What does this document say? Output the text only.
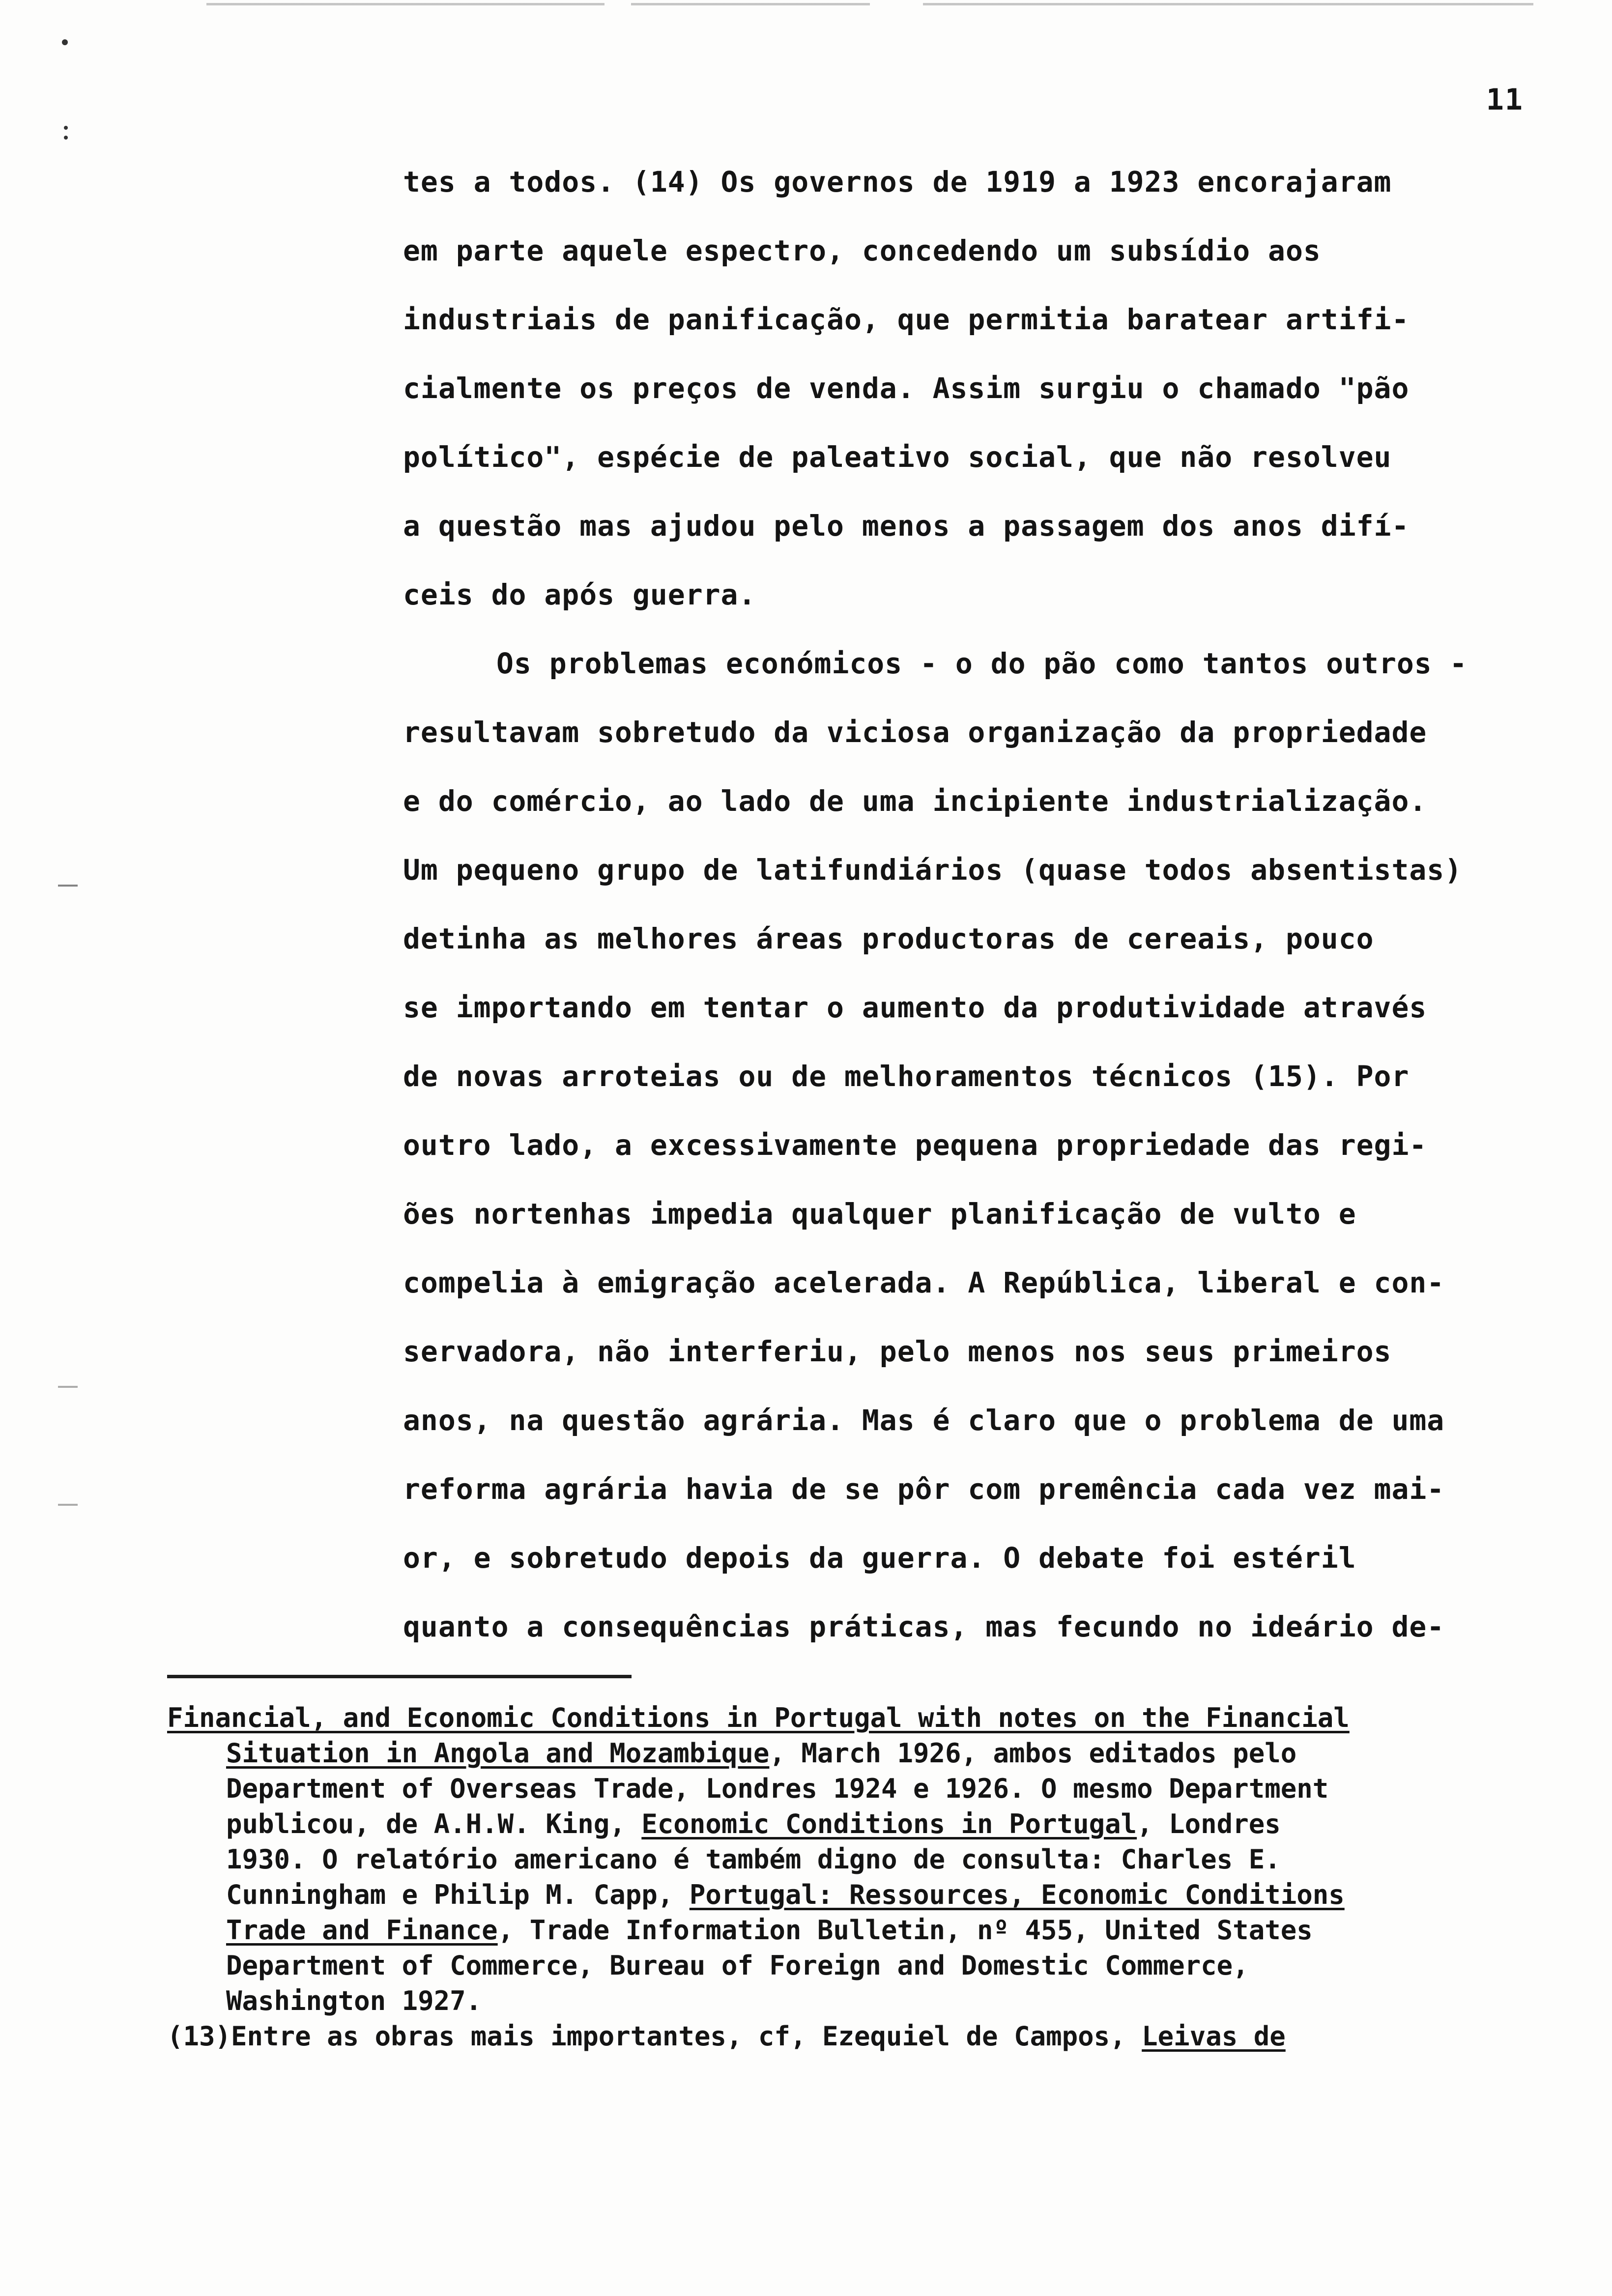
11
tes a todos. (14) Os governos de 1919 a 1923 encorajaram
em parte aquele espectro, concedendo um subsídio aos
industriais de panificação, que permitia baratear artifi-
cialmente os preços de venda. Assim surgiu o chamado "pão
político", espécie de paleativo social, que não resolveu
a questão mas ajudou pelo menos a passagem dos anos difí-
ceis do após guerra.
Os problemas económicos - o do pão como tantos outros -
resultavam sobretudo da viciosa organização da propriedade
e do comércio, ao lado de uma incipiente industrialização.
Um pequeno grupo de latifundiários (quase todos absentistas)
detinha as melhores áreas productoras de cereais, pouco
se importando em tentar o aumento da produtividade através
de novas arroteias ou de melhoramentos técnicos (15). Por
outro lado, a excessivamente pequena propriedade das regi-
ões nortenhas impedia qualquer planificação de vulto e
compelia à emigração acelerada. A República, liberal e con-
servadora, não interferiu, pelo menos nos seus primeiros
anos, na questão agrária. Mas é claro que o problema de uma
reforma agrária havia de se pôr com premência cada vez mai-
or, e sobretudo depois da guerra. O debate foi estéril
quanto a consequências práticas, mas fecundo no ideário de-
Financial, and Economic Conditions in Portugal with notes on the Financial
Situation in Angola and Mozambique, March 1926, ambos editados pelo
Department of Overseas Trade, Londres 1924 e 1926. O mesmo Department
publicou, de A.H.W. King, Economic Conditions in Portugal, Londres
1930. O relatório americano é também digno de consulta: Charles E.
Cunningham e Philip M. Capp, Portugal: Ressources, Economic Conditions
Trade and Finance, Trade Information Bulletin, nº 455, United States
Department of Commerce, Bureau of Foreign and Domestic Commerce,
Washington 1927.
(13)Entre as obras mais importantes, cf, Ezequiel de Campos, Leivas de
